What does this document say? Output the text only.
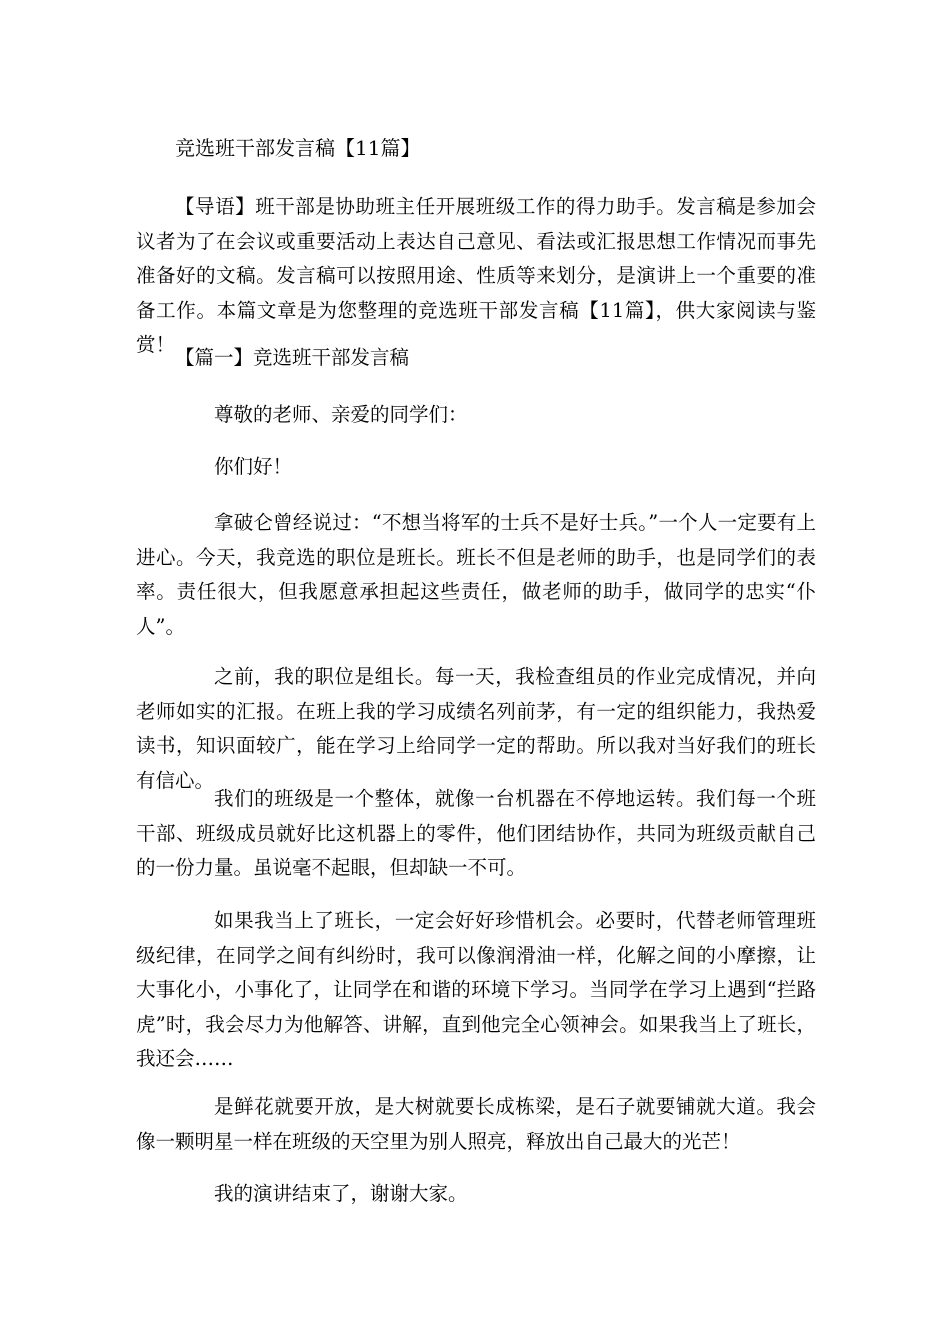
竞选班干部发言稿【11篇】

【导语】班干部是协助班主任开展班级工作的得力助手。发言稿是参加会议者为了在会议或重要活动上表达自己意见、看法或汇报思想工作情况而事先准备好的文稿。发言稿可以按照用途、性质等来划分，是演讲上一个重要的准备工作。本篇文章是为您整理的竞选班干部发言稿【11篇】，供大家阅读与鉴赏！

【篇一】竞选班干部发言稿

尊敬的老师、亲爱的同学们：

你们好！

拿破仑曾经说过：“不想当将军的士兵不是好士兵。”一个人一定要有上进心。今天，我竞选的职位是班长。班长不但是老师的助手，也是同学们的表率。责任很大，但我愿意承担起这些责任，做老师的助手，做同学的忠实“仆人”。

之前，我的职位是组长。每一天，我检查组员的作业完成情况，并向老师如实的汇报。在班上我的学习成绩名列前茅，有一定的组织能力，我热爱读书，知识面较广，能在学习上给同学一定的帮助。所以我对当好我们的班长有信心。

我们的班级是一个整体，就像一台机器在不停地运转。我们每一个班干部、班级成员就好比这机器上的零件，他们团结协作，共同为班级贡献自己的一份力量。虽说毫不起眼，但却缺一不可。

如果我当上了班长，一定会好好珍惜机会。必要时，代替老师管理班级纪律，在同学之间有纠纷时，我可以像润滑油一样，化解之间的小摩擦，让大事化小，小事化了，让同学在和谐的环境下学习。当同学在学习上遇到“拦路虎”时，我会尽力为他解答、讲解，直到他完全心领神会。如果我当上了班长，我还会……

是鲜花就要开放，是大树就要长成栋梁，是石子就要铺就大道。我会像一颗明星一样在班级的天空里为别人照亮，释放出自己最大的光芒！

我的演讲结束了，谢谢大家。
